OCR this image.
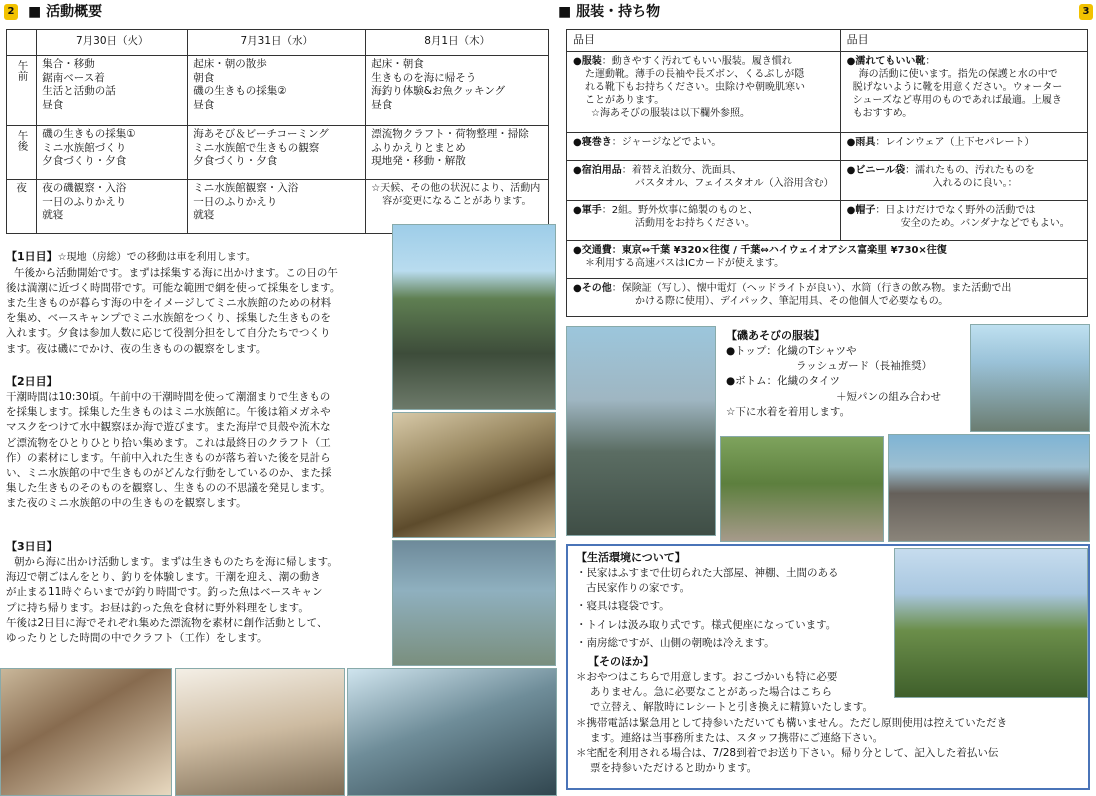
2 ■ 活動概要
	7月30日（火）	7月31日（水）	8月1日（木）
午前	集合・移動
鋸南ベース着
生活と活動の話
昼食	起床・朝の散歩
朝食
磯の生きもの採集②
昼食	起床・朝食
生きものを海に帰そう
海釣り体験&お魚クッキング
昼食

午後	磯の生きもの採集①
ミニ水族館づくり
夕食づくり・夕食	海あそび＆ビーチコーミング
ミニ水族館で生きもの観察
夕食づくり・夕食	漂流物クラフト・荷物整理・掃除
ふりかえりとまとめ
現地発・移動・解散

夜	夜の磯観察・入浴
一日のふりかえり
就寝	ミニ水族館観察・入浴
一日のふりかえり
就寝	☆天候、その他の状況により、活動内
容が変更になることがあります。
【1日目】☆現地（房総）での移動は車を利用します。
午後から活動開始です。まずは採集する海に出かけます。この日の午
後は満潮に近づく時間帯です。可能な範囲で網を使って採集をします。
また生きものが暮らす海の中をイメージしてミニ水族館のための材料
を集め、ベースキャンプでミニ水族館をつくり、採集した生きものを
入れます。夕食は参加人数に応じて役割分担をして自分たちでつくり
ます。夜は磯にでかけ、夜の生きものの観察をします。
【2日目】
干潮時間は10:30頃。午前中の干潮時間を使って潮溜まりで生きもの
を採集します。採集した生きものはミニ水族館に。午後は箱メガネや
マスクをつけて水中観察ほか海で遊びます。また海岸で貝殻や流木な
ど漂流物をひとりひとり拾い集めます。これは最終日のクラフト（工
作）の素材にします。午前中入れた生きものが落ち着いた後を見計ら
い、ミニ水族館の中で生きものがどんな行動をしているのか、また採
集した生きものそのものを観察し、生きものの不思議を発見します。
また夜のミニ水族館の中の生きものを観察します。
【3日目】
朝から海に出かけ活動します。まずは生きものたちを海に帰します。
海辺で朝ごはんをとり、釣りを体験します。干潮を迎え、潮の動き
が止まる11時ぐらいまでが釣り時間です。釣った魚はベースキャン
プに持ち帰ります。お昼は釣った魚を食材に野外料理をします。
午後は2日目に海でそれぞれ集めた漂流物を素材に創作活動として、
ゆったりとした時間の中でクラフト（工作）をします。
■ 服装・持ち物	3
品目	品目

●服装：動きやすく汚れてもいい服装。履き慣れ
た運動靴。薄手の長袖や長ズボン、くるぶしが隠
れる靴下もお持ちください。虫除けや朝晩肌寒い
ことがあります。
☆海あそびの服装は以下欄外参照。	●濡れてもいい靴：
海の活動に使います。指先の保護と水の中で
脱げないように靴を用意ください。ウォーター
シューズなど専用のものであれば最適。上履き
もおすすめ。

●寝巻き：ジャージなどでよい。	●雨具：レインウェア（上下セパレート）

●宿泊用品：着替え泊数分、洗面具、
バスタオル、フェイスタオル（入浴用含む）	●ビニール袋：濡れたもの、汚れたものを
入れるのに良い。：

●軍手：2組。野外炊事に綿製のものと、
活動用をお持ちください。	●帽子：日よけだけでなく野外の活動では
安全のため。バンダナなどでもよい。

●交通費：東京⇔千葉 ¥320×往復 / 千葉⇔ハイウェイオアシス富楽里 ¥730×往復
＊利用する高速バスはICカードが使えます。	

●その他：保険証（写し）、懐中電灯（ヘッドライトが良い）、水筒（行きの飲み物。また活動で出
かける際に使用）、デイパック、筆記用具、その他個人で必要なもの。	
【磯あそびの服装】
●トップ：化繊のTシャツや
ラッシュガード（長袖推奨）
●ボトム：化繊のタイツ
＋短パンの組み合わせ
☆下に水着を着用します。
【生活環境について】
・民家はふすまで仕切られた大部屋、神棚、土間のある
古民家作りの家です。
・寝具は寝袋です。
・トイレは汲み取り式です。様式便座になっています。
・南房総ですが、山側の朝晩は冷えます。
【そのほか】
＊おやつはこちらで用意します。おこづかいも特に必要
ありません。急に必要なことがあった場合はこちら
で立替え、解散時にレシートと引き換えに精算いたします。
＊携帯電話は緊急用として持参いただいても構いません。ただし原則使用は控えていただき
ます。連絡は当事務所または、スタッフ携帯にご連絡下さい。
＊宅配を利用される場合は、7/28到着でお送り下さい。帰り分として、記入した着払い伝
票を持参いただけると助かります。
